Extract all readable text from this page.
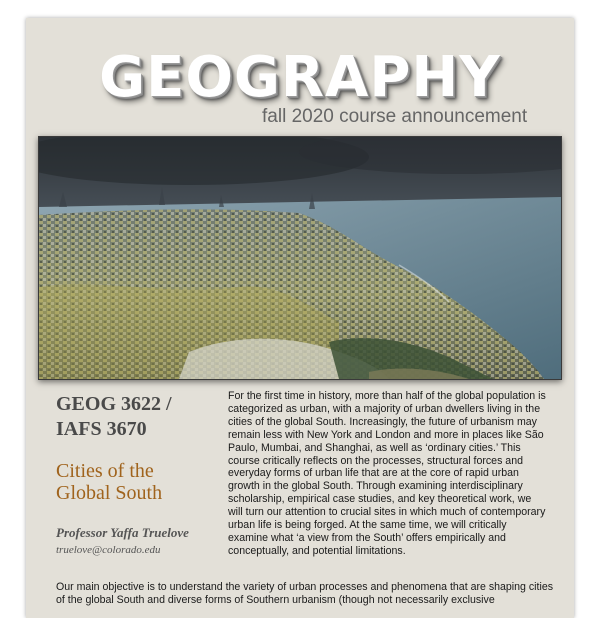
GEOGRAPHY
fall 2020 course announcement
GEOG 3622 /
IAFS 3670
Cities of the
Global South
Professor Yaffa Truelove
truelove@colorado.edu
For the first time in history, more than half of the global population is categorized as urban, with a majority of urban dwellers living in the cities of the global South. Increasingly, the future of urbanism may remain less with New York and London and more in places like São Paulo, Mumbai, and Shanghai, as well as ‘ordinary cities.’ This course critically reflects on the processes, structural forces and everyday forms of urban life that are at the core of rapid urban growth in the global South. Through examining interdisciplinary scholarship, empirical case studies, and key theoretical work, we will turn our attention to crucial sites in which much of contemporary urban life is being forged. At the same time, we will critically examine what ‘a view from the South’ offers empirically and conceptually, and potential limitations.
Our main objective is to understand the variety of urban processes and phenomena that are shaping cities of the global South and diverse forms of Southern urbanism (though not necessarily exclusive
